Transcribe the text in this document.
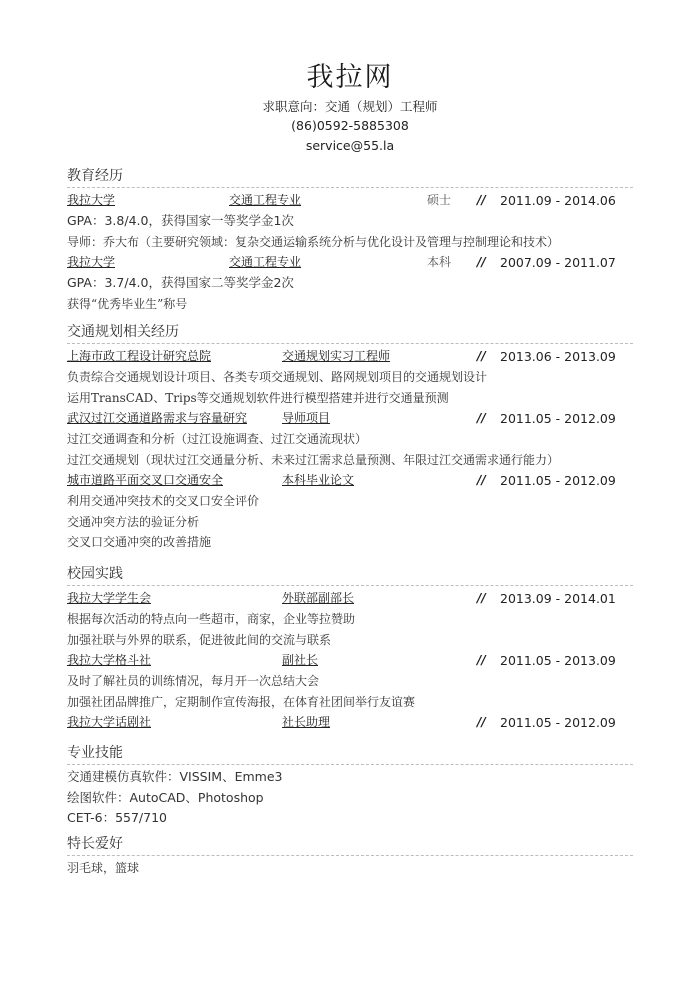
我拉网
求职意向：交通（规划）工程师
(86)0592-5885308
service@55.la
教育经历
我拉大学	交通工程专业	硕士 // 2011.09 - 2014.06
GPA：3.8/4.0，获得国家一等奖学金1次
导师：乔大布（主要研究领域：复杂交通运输系统分析与优化设计及管理与控制理论和技术）
我拉大学	交通工程专业	本科 // 2007.09 - 2011.07
GPA：3.7/4.0，获得国家二等奖学金2次
获得“优秀毕业生”称号
交通规划相关经历
上海市政工程设计研究总院	交通规划实习工程师	// 2013.06 - 2013.09
负责综合交通规划设计项目、各类专项交通规划、路网规划项目的交通规划设计
运用TransCAD、Trips等交通规划软件进行模型搭建并进行交通量预测
武汉过江交通道路需求与容量研究	导师项目	// 2011.05 - 2012.09
过江交通调查和分析（过江设施调查、过江交通流现状）
过江交通规划（现状过江交通量分析、未来过江需求总量预测、年限过江交通需求通行能力）
城市道路平面交叉口交通安全	本科毕业论文	// 2011.05 - 2012.09
利用交通冲突技术的交叉口安全评价
交通冲突方法的验证分析
交叉口交通冲突的改善措施
校园实践
我拉大学学生会	外联部副部长	// 2013.09 - 2014.01
根据每次活动的特点向一些超市，商家，企业等拉赞助
加强社联与外界的联系，促进彼此间的交流与联系
我拉大学格斗社	副社长	// 2011.05 - 2013.09
及时了解社员的训练情况，每月开一次总结大会
加强社团品牌推广，定期制作宣传海报，在体育社团间举行友谊赛
我拉大学话剧社	社长助理	// 2011.05 - 2012.09
专业技能
交通建模仿真软件：VISSIM、Emme3
绘图软件：AutoCAD、Photoshop
CET-6：557/710
特长爱好
羽毛球，篮球
